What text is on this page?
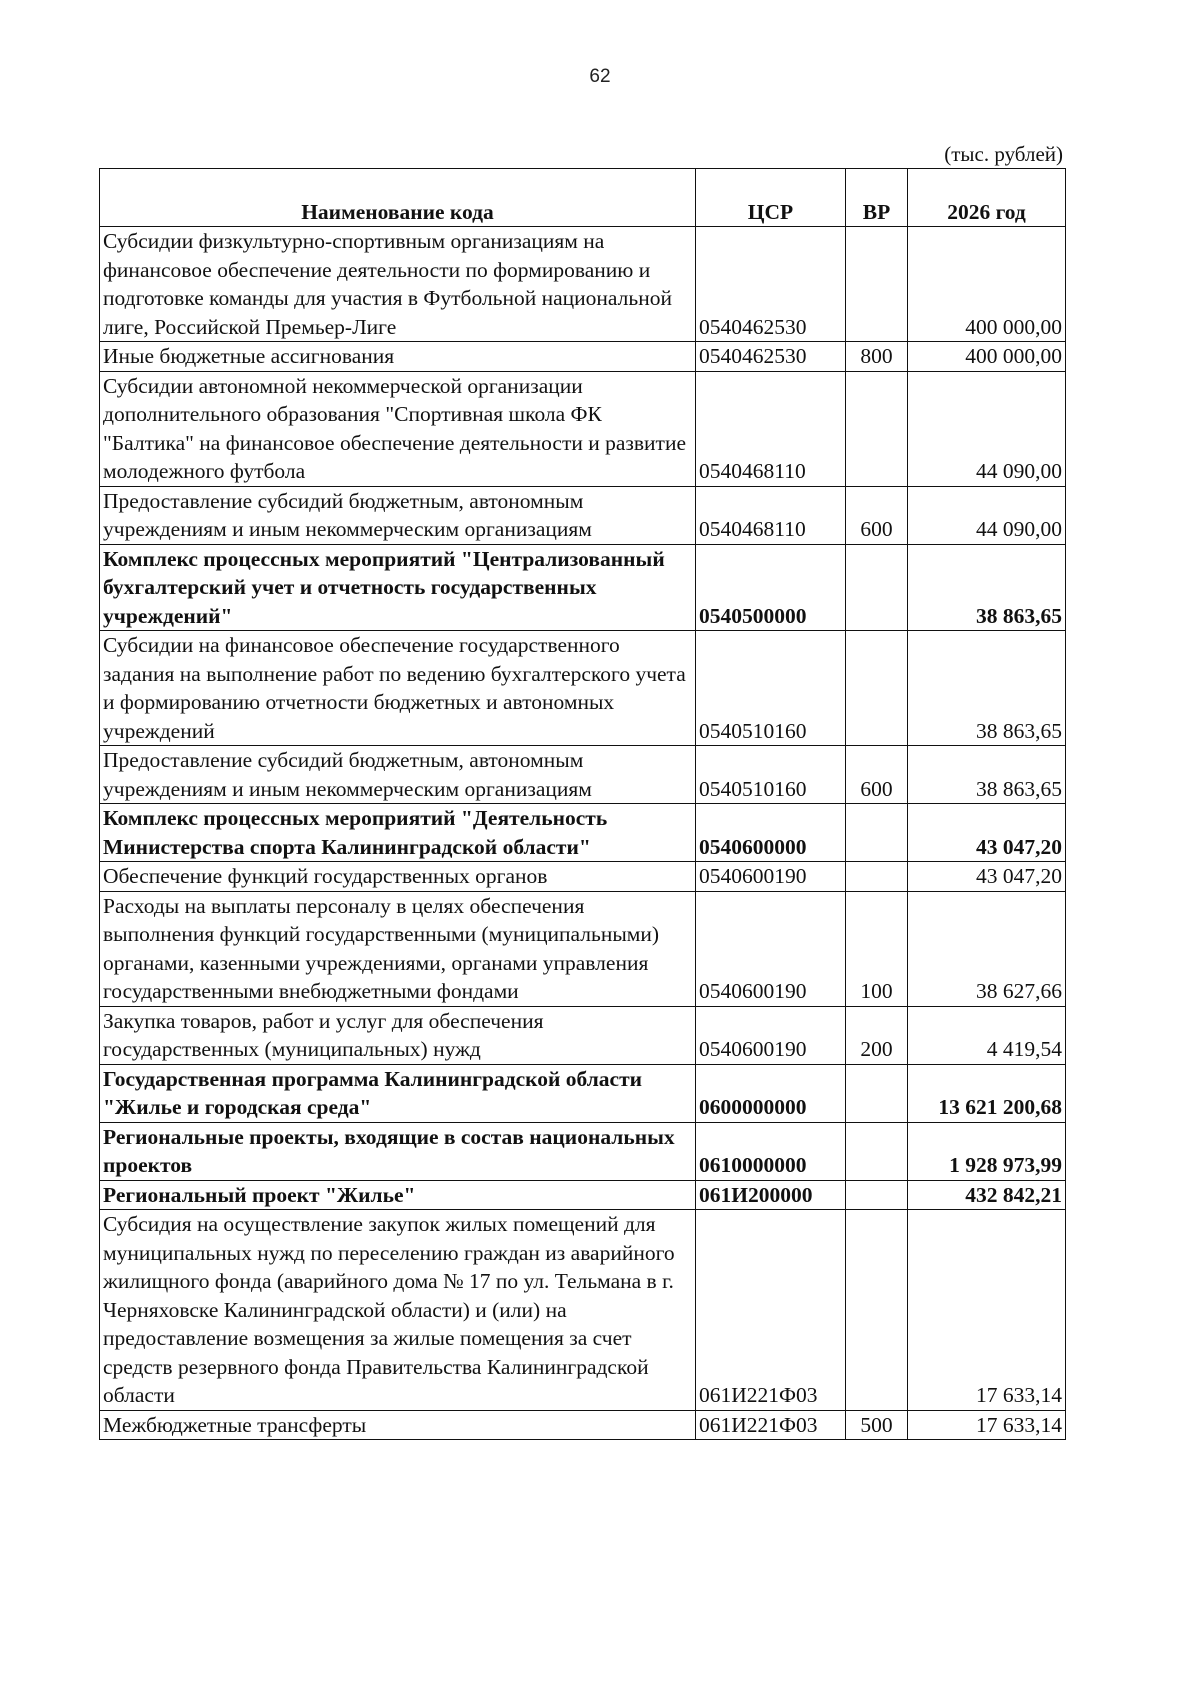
62
(тыс. рублей)
Наименование кода	ЦСР	ВР	2026 год
Субсидии физкультурно-спортивным организациям на финансовое обеспечение деятельности по формированию и подготовке команды для участия в Футбольной национальной лиге, Российской Премьер-Лиге	0540462530		400 000,00
Иные бюджетные ассигнования	0540462530	800	400 000,00
Субсидии автономной некоммерческой организации дополнительного образования "Спортивная школа ФК "Балтика" на финансовое обеспечение деятельности и развитие молодежного футбола	0540468110		44 090,00
Предоставление субсидий бюджетным, автономным учреждениям и иным некоммерческим организациям	0540468110	600	44 090,00
Комплекс процессных мероприятий "Централизованный бухгалтерский учет и отчетность государственных учреждений"	0540500000		38 863,65
Субсидии на финансовое обеспечение государственного задания на выполнение работ по ведению бухгалтерского учета и формированию отчетности бюджетных и автономных учреждений	0540510160		38 863,65
Предоставление субсидий бюджетным, автономным учреждениям и иным некоммерческим организациям	0540510160	600	38 863,65
Комплекс процессных мероприятий "Деятельность Министерства спорта Калининградской области"	0540600000		43 047,20
Обеспечение функций государственных органов	0540600190		43 047,20
Расходы на выплаты персоналу в целях обеспечения выполнения функций государственными (муниципальными) органами, казенными учреждениями, органами управления государственными внебюджетными фондами	0540600190	100	38 627,66
Закупка товаров, работ и услуг для обеспечения государственных (муниципальных) нужд	0540600190	200	4 419,54
Государственная программа Калининградской области "Жилье и городская среда"	0600000000		13 621 200,68
Региональные проекты, входящие в состав национальных проектов	0610000000		1 928 973,99
Региональный проект "Жилье"	061И200000		432 842,21
Субсидия на осуществление закупок жилых помещений для муниципальных нужд по переселению граждан из аварийного жилищного фонда (аварийного дома № 17 по ул. Тельмана в г. Черняховске Калининградской области) и (или) на предоставление возмещения за жилые помещения за счет средств резервного фонда Правительства Калининградской области	061И221Ф03		17 633,14
Межбюджетные трансферты	061И221Ф03	500	17 633,14
